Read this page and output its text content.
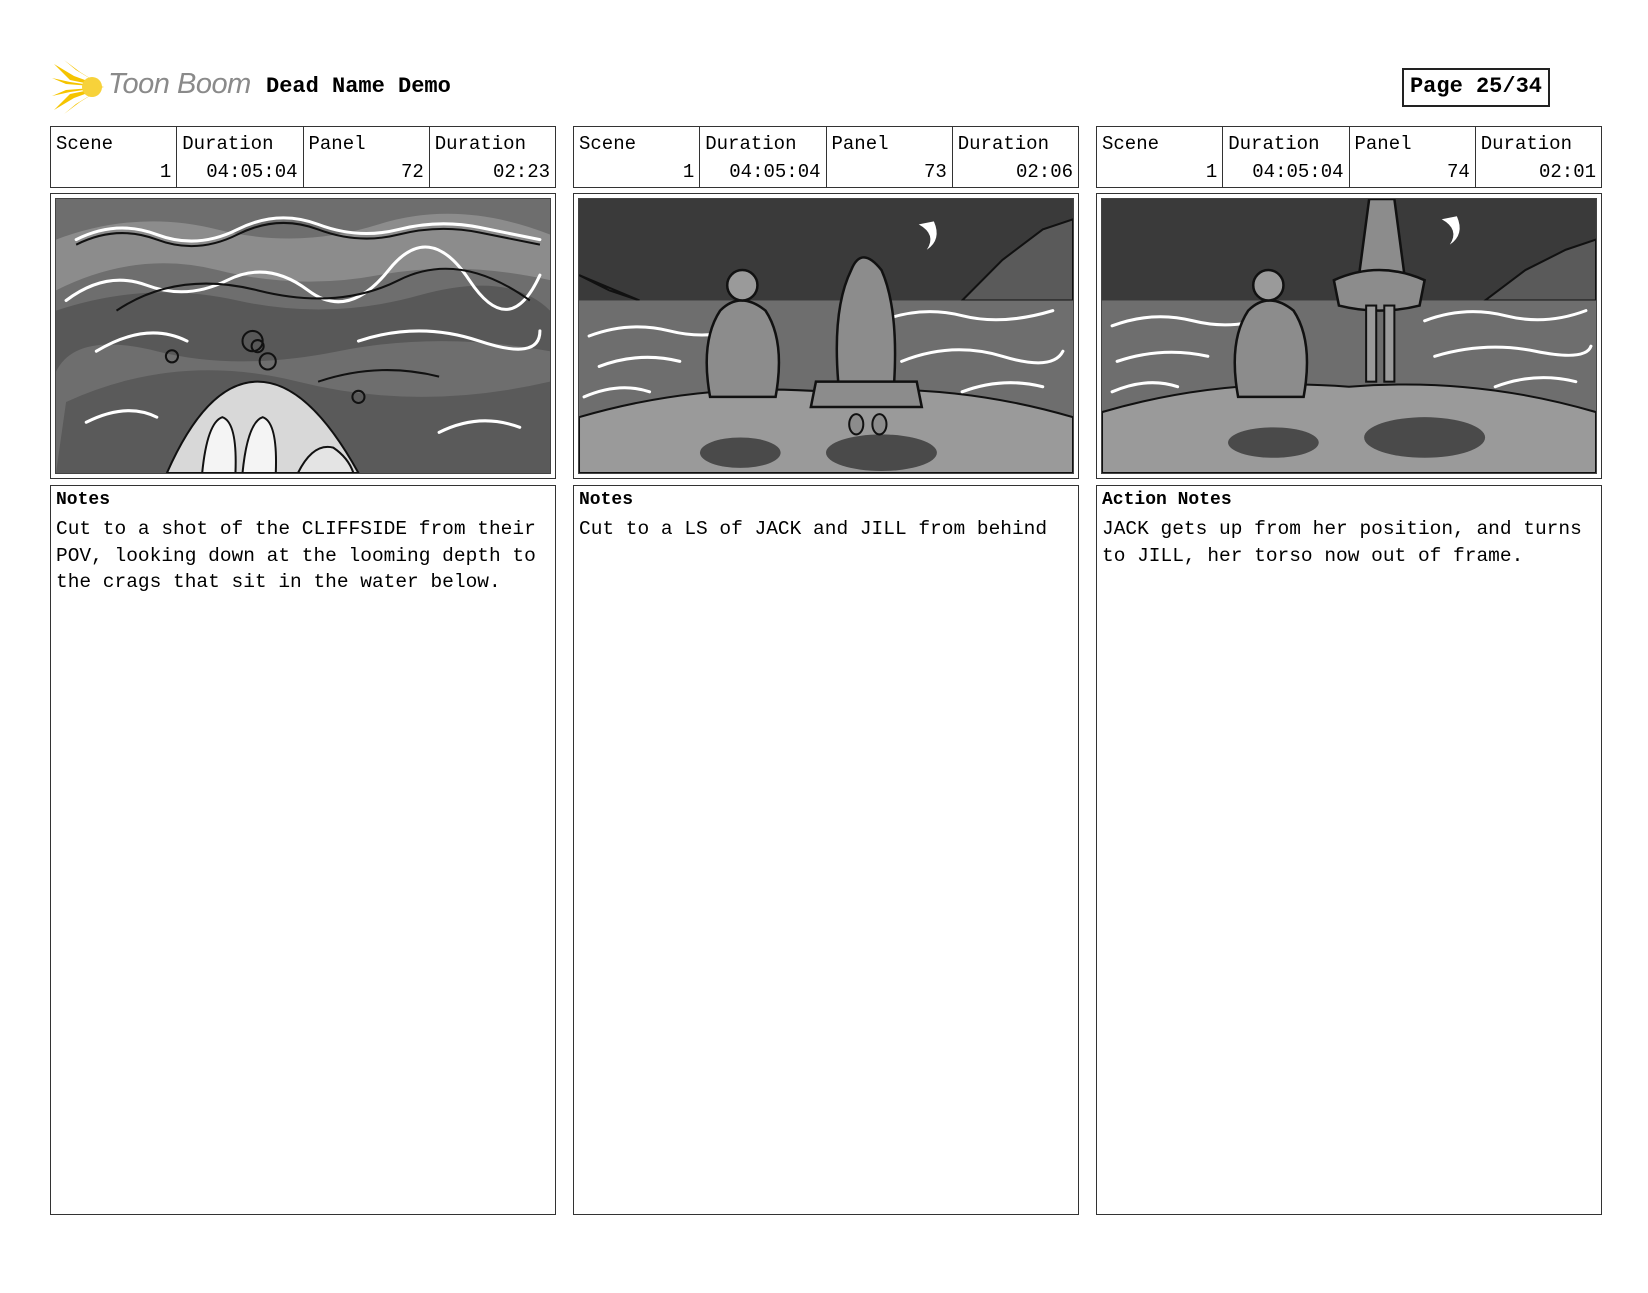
Toon Boom Dead Name Demo	Page 25/34
Scene
1
Duration
04:05:04
Panel
72
Duration
02:23
Notes
Cut to a shot of the CLIFFSIDE from their POV, looking down at the looming depth to the crags that sit in the water below.
Scene
1
Duration
04:05:04
Panel
73
Duration
02:06
Notes
Cut to a LS of JACK and JILL from behind
Scene
1
Duration
04:05:04
Panel
74
Duration
02:01
Action Notes
JACK gets up from her position, and turns to JILL, her torso now out of frame.
